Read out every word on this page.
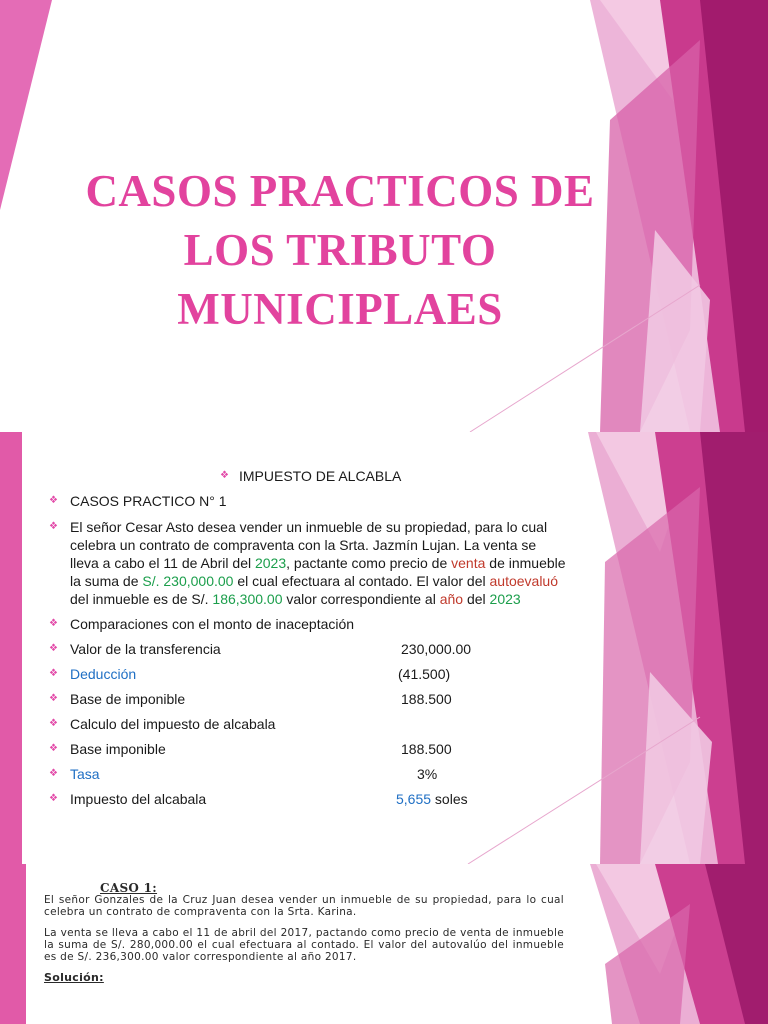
CASOS PRACTICOS DE
LOS TRIBUTO
MUNICIPLAES
❖ IMPUESTO DE ALCABLA
❖ CASOS PRACTICO N° 1
❖ El señor Cesar Asto desea vender un inmueble de su propiedad, para lo cual
celebra un contrato de compraventa con la Srta. Jazmín Lujan. La venta se
lleva a cabo el 11 de Abril del 2023, pactante como precio de venta de inmueble
la suma de S/. 230,000.00 el cual efectuara al contado. El valor del autoevaluó
del inmueble es de S/. 186,300.00 valor correspondiente al año del 2023
❖ Comparaciones con el monto de inaceptación
❖ Valor de la transferencia	230,000.00
❖ Deducción	(41.500)
❖ Base de imponible	188.500
❖ Calculo del impuesto de alcabala
❖ Base imponible	188.500
❖ Tasa	3%
❖ Impuesto del alcabala	5,655 soles
CASO 1:

El señor Gonzales de la Cruz Juan desea vender un inmueble de su propiedad, para lo cual celebra un contrato de compraventa con la Srta. Karina.

La venta se lleva a cabo el 11 de abril del 2017, pactando como precio de venta de inmueble la suma de S/. 280,000.00 el cual efectuara al contado. El valor del autovalúo del inmueble es de S/. 236,300.00 valor correspondiente al año 2017.

Solución:
